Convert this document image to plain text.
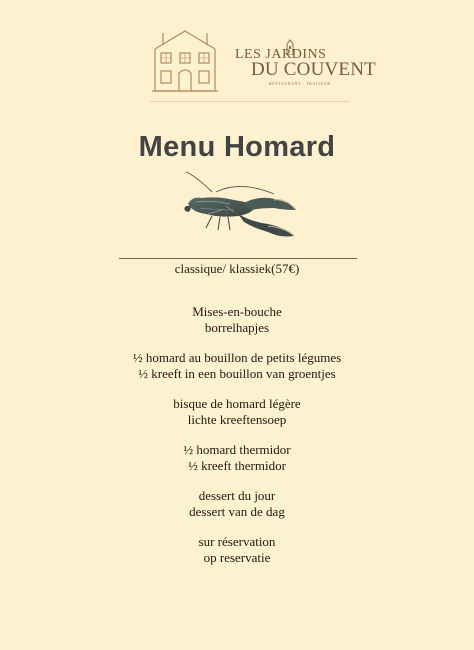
LES JARDINS
DU COUVENT
RESTAURANT · TRAITEUR
Menu Homard
classique/ klassiek(57€)
Mises-en-bouche
borrelhapjes
½ homard au bouillon de petits légumes
½ kreeft in een bouillon van groentjes
bisque de homard légère
lichte kreeftensoep
½ homard thermidor
½ kreeft thermidor
dessert du jour
dessert van de dag
sur réservation
op reservatie
